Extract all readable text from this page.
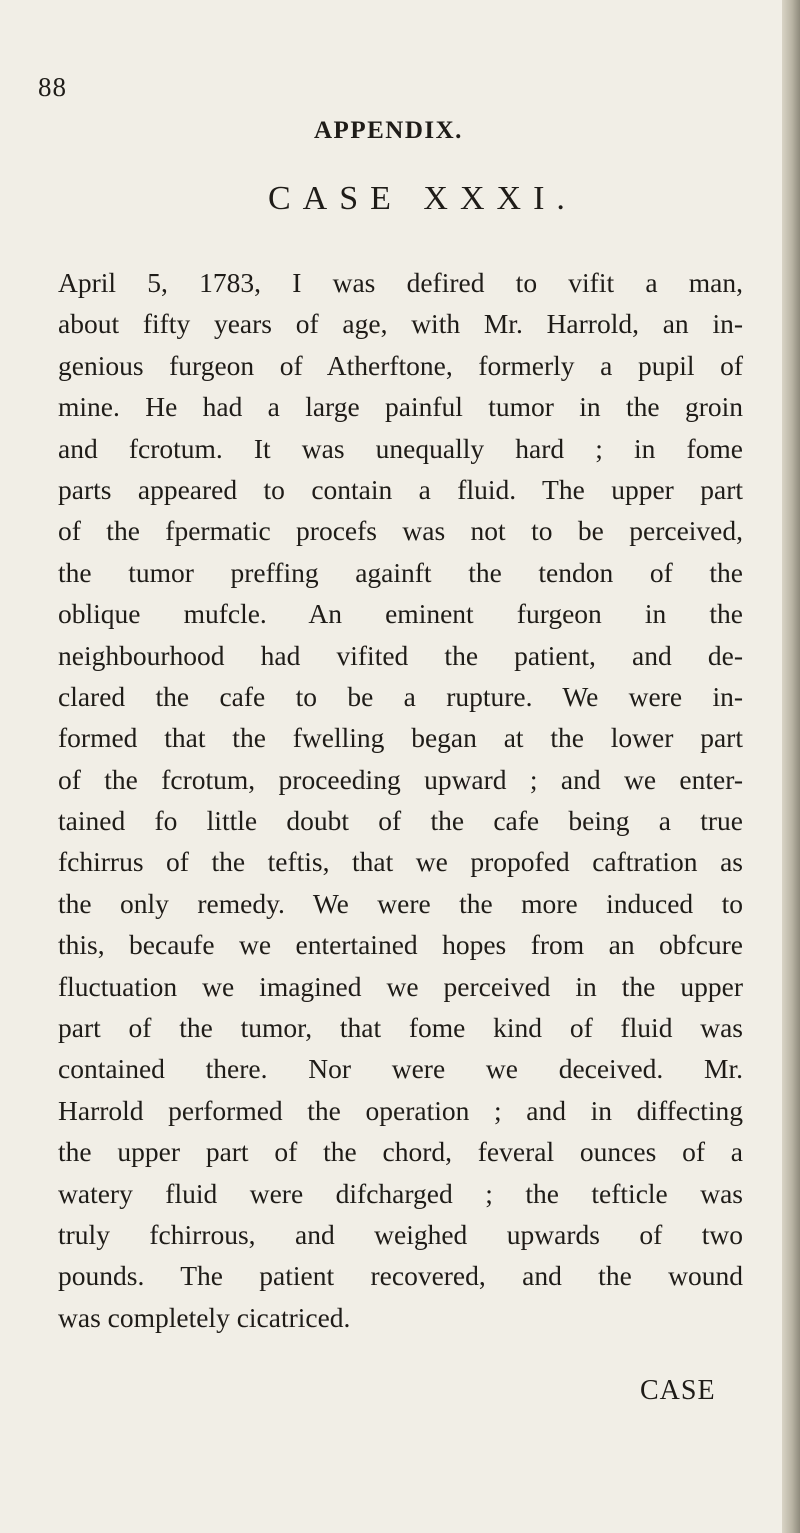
88
APPENDIX.
CASE XXXI.
April 5, 1783, I was defired to vifit a man,
about fifty years of age, with Mr. Harrold, an in-
genious furgeon of Atherftone, formerly a pupil of
mine. He had a large painful tumor in the groin
and fcrotum. It was unequally hard ; in fome
parts appeared to contain a fluid. The upper part
of the fpermatic procefs was not to be perceived,
the tumor preffing againft the tendon of the
oblique mufcle. An eminent furgeon in the
neighbourhood had vifited the patient, and de-
clared the cafe to be a rupture. We were in-
formed that the fwelling began at the lower part
of the fcrotum, proceeding upward ; and we enter-
tained fo little doubt of the cafe being a true
fchirrus of the teftis, that we propofed caftration as
the only remedy. We were the more induced to
this, becaufe we entertained hopes from an obfcure
fluctuation we imagined we perceived in the upper
part of the tumor, that fome kind of fluid was
contained there. Nor were we deceived. Mr.
Harrold performed the operation ; and in diffecting
the upper part of the chord, feveral ounces of a
watery fluid were difcharged ; the tefticle was
truly fchirrous, and weighed upwards of two
pounds. The patient recovered, and the wound
was completely cicatriced.
CASE
